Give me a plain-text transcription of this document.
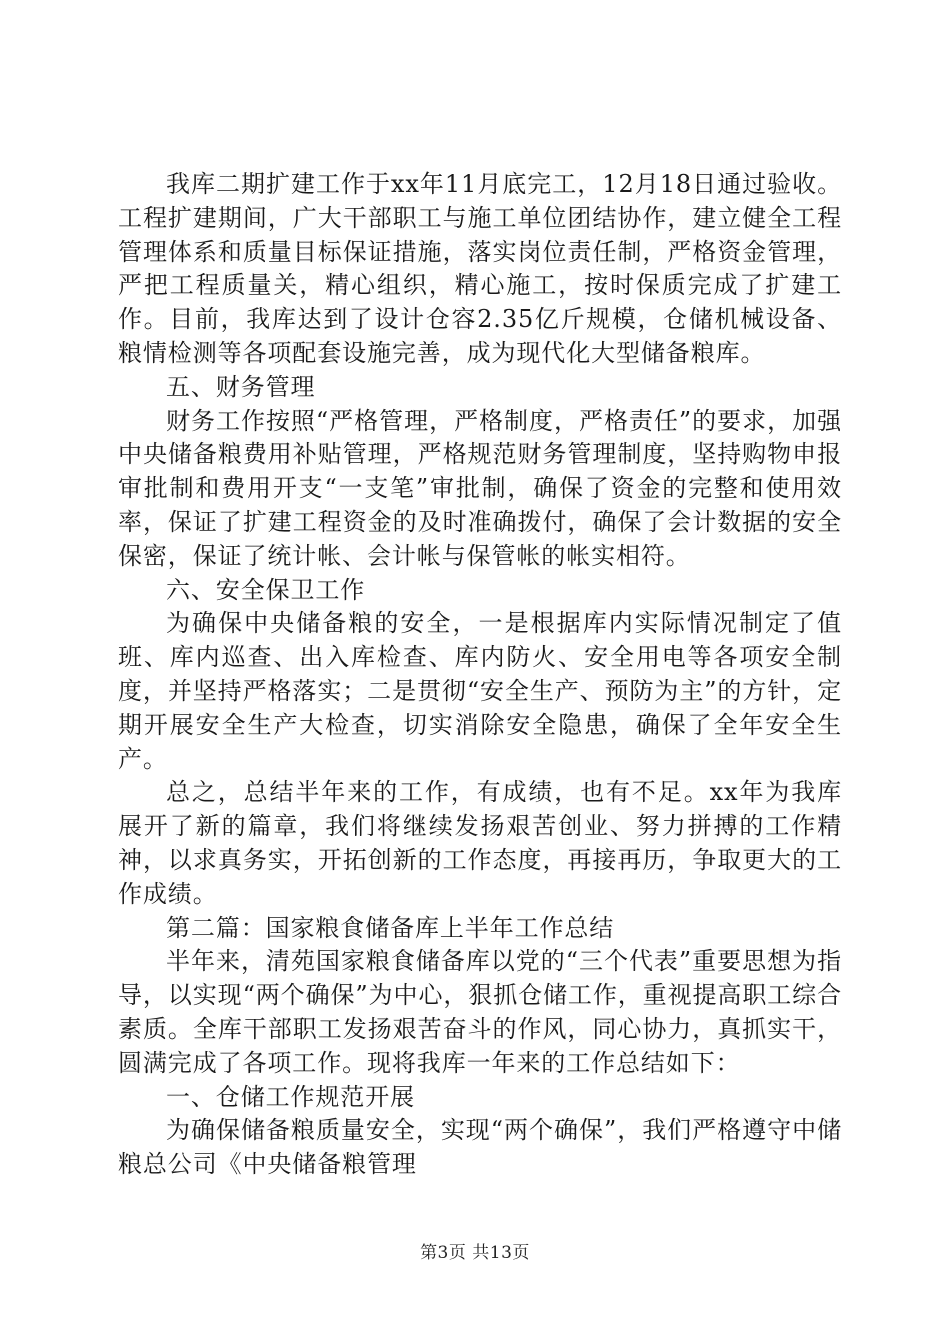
我库二期扩建工作于xx年11月底完工，12月18日通过验收。工程扩建期间，广大干部职工与施工单位团结协作，建立健全工程管理体系和质量目标保证措施，落实岗位责任制，严格资金管理，严把工程质量关，精心组织，精心施工，按时保质完成了扩建工作。目前，我库达到了设计仓容2.35亿斤规模，仓储机械设备、粮情检测等各项配套设施完善，成为现代化大型储备粮库。

五、财务管理

财务工作按照“严格管理，严格制度，严格责任”的要求，加强中央储备粮费用补贴管理，严格规范财务管理制度，坚持购物申报审批制和费用开支“一支笔”审批制，确保了资金的完整和使用效率，保证了扩建工程资金的及时准确拨付，确保了会计数据的安全保密，保证了统计帐、会计帐与保管帐的帐实相符。

六、安全保卫工作

为确保中央储备粮的安全，一是根据库内实际情况制定了值班、库内巡查、出入库检查、库内防火、安全用电等各项安全制度，并坚持严格落实；二是贯彻“安全生产、预防为主”的方针，定期开展安全生产大检查，切实消除安全隐患，确保了全年安全生产。

总之，总结半年来的工作，有成绩，也有不足。xx年为我库展开了新的篇章，我们将继续发扬艰苦创业、努力拼搏的工作精神，以求真务实，开拓创新的工作态度，再接再历，争取更大的工作成绩。

第二篇：国家粮食储备库上半年工作总结

半年来，清苑国家粮食储备库以党的“三个代表”重要思想为指导，以实现“两个确保”为中心，狠抓仓储工作，重视提高职工综合素质。全库干部职工发扬艰苦奋斗的作风，同心协力，真抓实干，圆满完成了各项工作。现将我库一年来的工作总结如下：

一、仓储工作规范开展

为确保储备粮质量安全，实现“两个确保”，我们严格遵守中储粮总公司《中央储备粮管理

第3页 共13页
